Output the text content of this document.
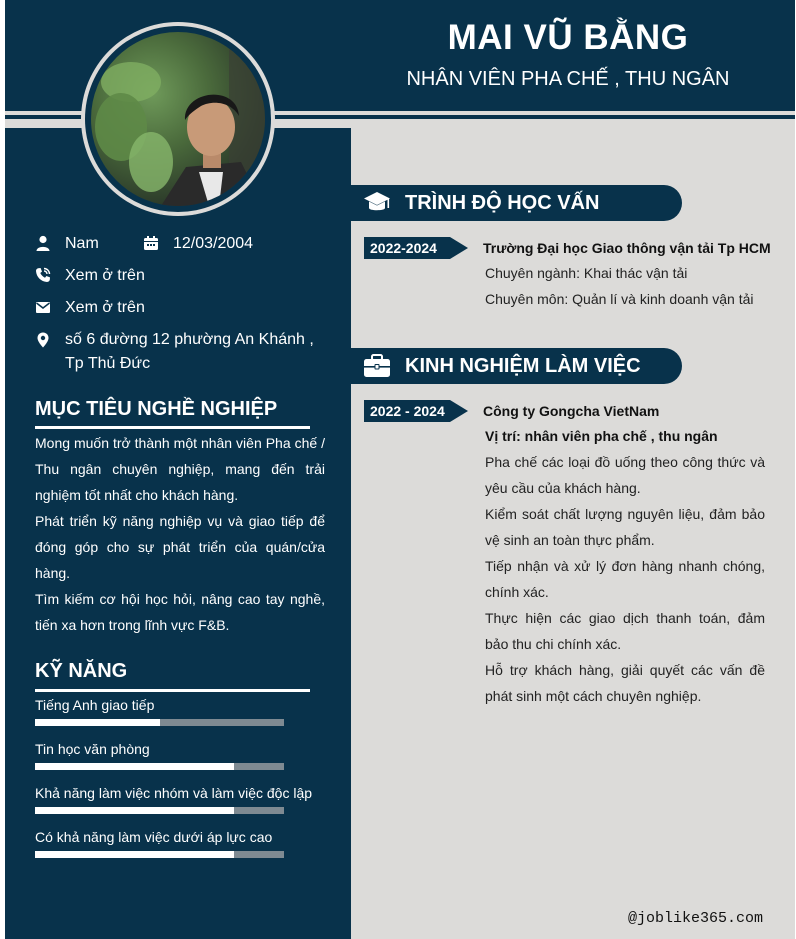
MAI VŨ BẰNG
NHÂN VIÊN PHA CHẾ , THU NGÂN
Nam	12/03/2004
Xem ở trên
Xem ở trên
số 6 đường 12 phường An Khánh , Tp Thủ Đức
MỤC TIÊU NGHỀ NGHIỆP

Mong muốn trở thành một nhân viên Pha chế / Thu ngân chuyên nghiệp, mang đến trải nghiệm tốt nhất cho khách hàng.

Phát triển kỹ năng nghiệp vụ và giao tiếp để đóng góp cho sự phát triển của quán/cửa hàng.

Tìm kiếm cơ hội học hỏi, nâng cao tay nghề, tiến xa hơn trong lĩnh vực F&B.

KỸ NĂNG
Tiếng Anh giao tiếp
Tin học văn phòng
Khả năng làm việc nhóm và làm việc độc lập
Có khả năng làm việc dưới áp lực cao
TRÌNH ĐỘ HỌC VẤN
2022-2024	Trường Đại học Giao thông vận tải Tp HCM

Chuyên ngành: Khai thác vận tải

Chuyên môn: Quản lí và kinh doanh vận tải

KINH NGHIỆM LÀM VIỆC
2022 - 2024	Công ty Gongcha VietNam
Vị trí: nhân viên pha chế , thu ngân

Pha chế các loại đồ uống theo công thức và yêu cầu của khách hàng.

Kiểm soát chất lượng nguyên liệu, đảm bảo vệ sinh an toàn thực phẩm.

Tiếp nhận và xử lý đơn hàng nhanh chóng, chính xác.

Thực hiện các giao dịch thanh toán, đảm bảo thu chi chính xác.

Hỗ trợ khách hàng, giải quyết các vấn đề phát sinh một cách chuyên nghiệp.

@joblike365.com
